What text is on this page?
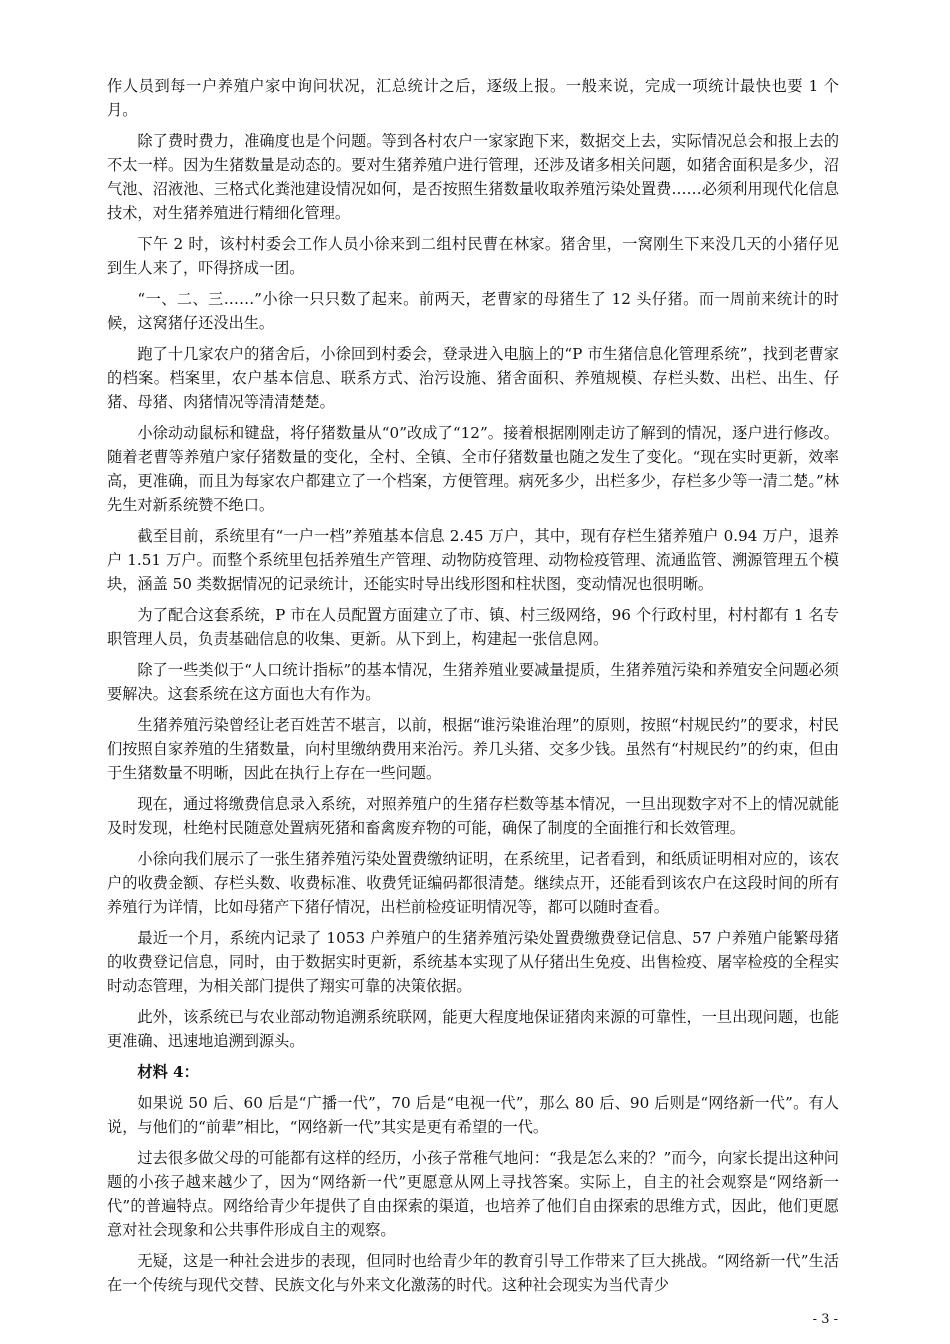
作人员到每一户养殖户家中询问状况，汇总统计之后，逐级上报。一般来说，完成一项统计最快也要 1 个月。

除了费时费力，准确度也是个问题。等到各村农户一家家跑下来，数据交上去，实际情况总会和报上去的不太一样。因为生猪数量是动态的。要对生猪养殖户进行管理，还涉及诸多相关问题，如猪舍面积是多少，沼气池、沼液池、三格式化粪池建设情况如何，是否按照生猪数量收取养殖污染处置费……必须利用现代化信息技术，对生猪养殖进行精细化管理。

下午 2 时，该村村委会工作人员小徐来到二组村民曹在林家。猪舍里，一窝刚生下来没几天的小猪仔见到生人来了，吓得挤成一团。

“一、二、三……”小徐一只只数了起来。前两天，老曹家的母猪生了 12 头仔猪。而一周前来统计的时候，这窝猪仔还没出生。

跑了十几家农户的猪舍后，小徐回到村委会，登录进入电脑上的“P 市生猪信息化管理系统”，找到老曹家的档案。档案里，农户基本信息、联系方式、治污设施、猪舍面积、养殖规模、存栏头数、出栏、出生、仔猪、母猪、肉猪情况等清清楚楚。

小徐动动鼠标和键盘，将仔猪数量从“0”改成了“12”。接着根据刚刚走访了解到的情况，逐户进行修改。随着老曹等养殖户家仔猪数量的变化，全村、全镇、全市仔猪数量也随之发生了变化。“现在实时更新，效率高，更准确，而且为每家农户都建立了一个档案，方便管理。病死多少，出栏多少，存栏多少等一清二楚。”林先生对新系统赞不绝口。

截至目前，系统里有“一户一档”养殖基本信息 2.45 万户，其中，现有存栏生猪养殖户 0.94 万户，退养户 1.51 万户。而整个系统里包括养殖生产管理、动物防疫管理、动物检疫管理、流通监管、溯源管理五个模块，涵盖 50 类数据情况的记录统计，还能实时导出线形图和柱状图，变动情况也很明晰。

为了配合这套系统，P 市在人员配置方面建立了市、镇、村三级网络，96 个行政村里，村村都有 1 名专职管理人员，负责基础信息的收集、更新。从下到上，构建起一张信息网。

除了一些类似于“人口统计指标”的基本情况，生猪养殖业要减量提质，生猪养殖污染和养殖安全问题必须要解决。这套系统在这方面也大有作为。

生猪养殖污染曾经让老百姓苦不堪言，以前，根据“谁污染谁治理”的原则，按照“村规民约”的要求，村民们按照自家养殖的生猪数量，向村里缴纳费用来治污。养几头猪、交多少钱。虽然有“村规民约”的约束，但由于生猪数量不明晰，因此在执行上存在一些问题。

现在，通过将缴费信息录入系统，对照养殖户的生猪存栏数等基本情况，一旦出现数字对不上的情况就能及时发现，杜绝村民随意处置病死猪和畜禽废弃物的可能，确保了制度的全面推行和长效管理。

小徐向我们展示了一张生猪养殖污染处置费缴纳证明，在系统里，记者看到，和纸质证明相对应的，该农户的收费金额、存栏头数、收费标准、收费凭证编码都很清楚。继续点开，还能看到该农户在这段时间的所有养殖行为详情，比如母猪产下猪仔情况，出栏前检疫证明情况等，都可以随时查看。

最近一个月，系统内记录了 1053 户养殖户的生猪养殖污染处置费缴费登记信息、57 户养殖户能繁母猪的收费登记信息，同时，由于数据实时更新，系统基本实现了从仔猪出生免疫、出售检疫、屠宰检疫的全程实时动态管理，为相关部门提供了翔实可靠的决策依据。

此外，该系统已与农业部动物追溯系统联网，能更大程度地保证猪肉来源的可靠性，一旦出现问题，也能更准确、迅速地追溯到源头。

材料 4：

如果说 50 后、60 后是“广播一代”，70 后是“电视一代”，那么 80 后、90 后则是“网络新一代”。有人说，与他们的“前辈”相比，“网络新一代”其实是更有希望的一代。

过去很多做父母的可能都有这样的经历，小孩子常稚气地问：“我是怎么来的？”而今，向家长提出这种问题的小孩子越来越少了，因为“网络新一代”更愿意从网上寻找答案。实际上，自主的社会观察是“网络新一代”的普遍特点。网络给青少年提供了自由探索的渠道，也培养了他们自由探索的思维方式，因此，他们更愿意对社会现象和公共事件形成自主的观察。

无疑，这是一种社会进步的表现，但同时也给青少年的教育引导工作带来了巨大挑战。“网络新一代”生活在一个传统与现代交替、民族文化与外来文化激荡的时代。这种社会现实为当代青少

- 3 -
